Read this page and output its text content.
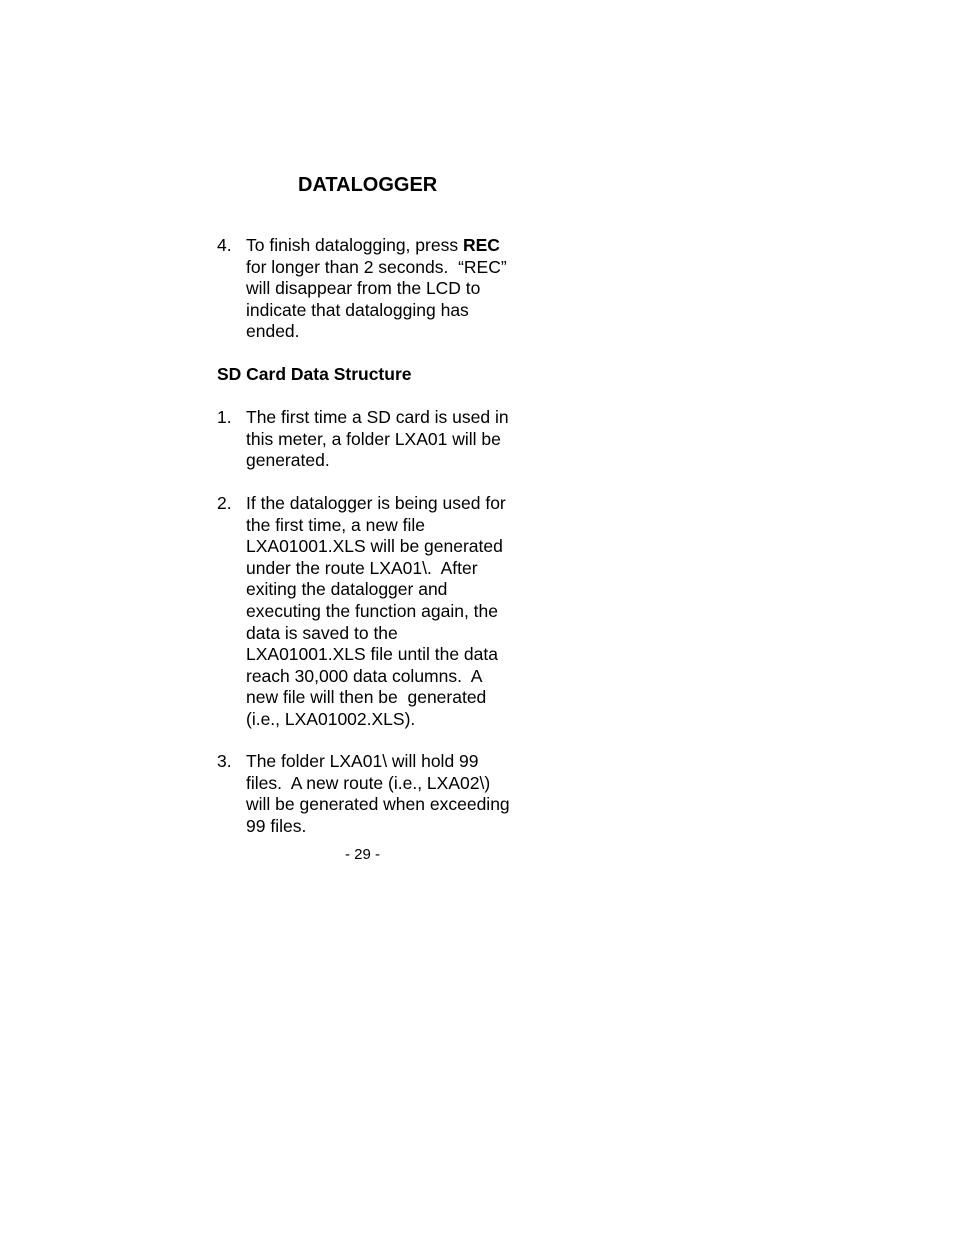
DATALOGGER
4. To finish datalogging, press REC
for longer than 2 seconds.  “REC”
will disappear from the LCD to
indicate that datalogging has
ended.
SD Card Data Structure
1. The first time a SD card is used in
this meter, a folder LXA01 will be
generated.
2. If the datalogger is being used for
the first time, a new file
LXA01001.XLS will be generated
under the route LXA01\.  After
exiting the datalogger and
executing the function again, the
data is saved to the
LXA01001.XLS file until the data
reach 30,000 data columns.  A
new file will then be  generated
(i.e., LXA01002.XLS).
3. The folder LXA01\ will hold 99
files.  A new route (i.e., LXA02\)
will be generated when exceeding
99 files.
- 29 -
